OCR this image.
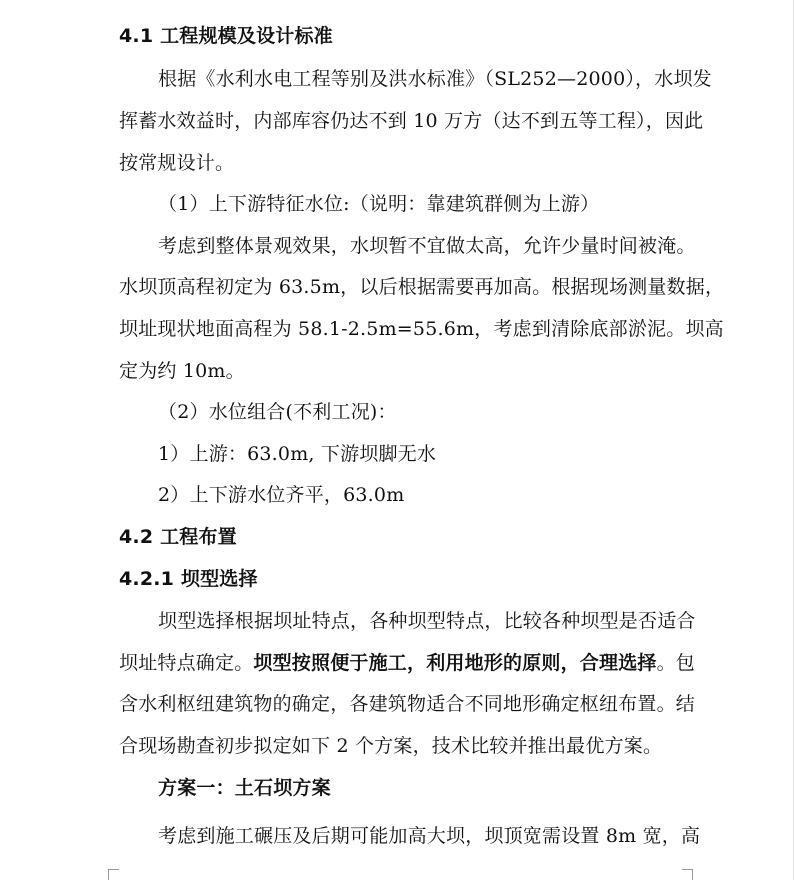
4.1 工程规模及设计标准
根据《水利水电工程等别及洪水标准》（SL252—2000），水坝发
挥蓄水效益时，内部库容仍达不到 10 万方（达不到五等工程），因此
按常规设计。
（1）上下游特征水位:（说明：靠建筑群侧为上游）
考虑到整体景观效果，水坝暂不宜做太高，允许少量时间被淹。
水坝顶高程初定为 63.5m，以后根据需要再加高。根据现场测量数据，
坝址现状地面高程为 58.1-2.5m=55.6m，考虑到清除底部淤泥。坝高
定为约 10m。
（2）水位组合(不利工况)：
1）上游：63.0m, 下游坝脚无水
2）上下游水位齐平，63.0m
4.2 工程布置
4.2.1 坝型选择
坝型选择根据坝址特点，各种坝型特点，比较各种坝型是否适合
坝址特点确定。坝型按照便于施工，利用地形的原则，合理选择。包
含水利枢纽建筑物的确定，各建筑物适合不同地形确定枢纽布置。结
合现场勘查初步拟定如下 2 个方案，技术比较并推出最优方案。
方案一：土石坝方案
考虑到施工碾压及后期可能加高大坝，坝顶宽需设置 8m 宽，高
